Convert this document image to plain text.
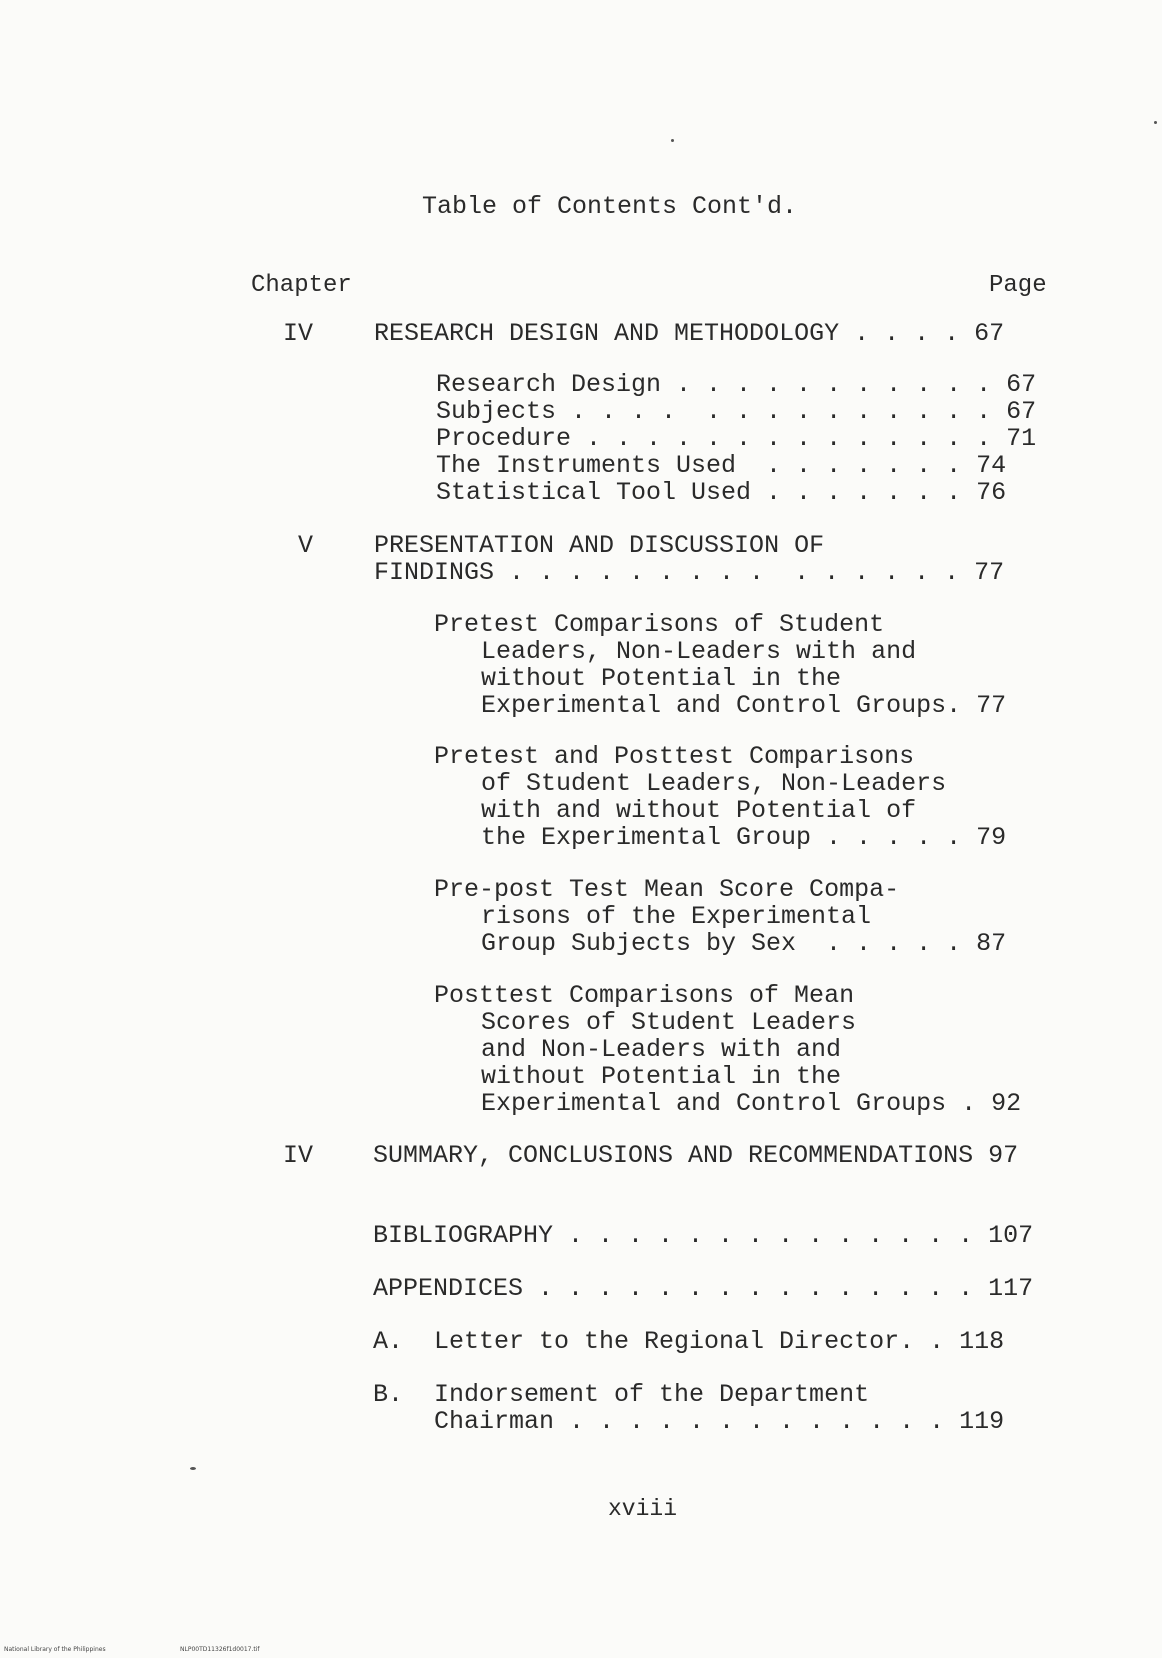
Table of Contents Cont'd.
Chapter	Page
IV RESEARCH DESIGN AND METHODOLOGY . . . . 67
Research Design . . . . . . . . . . . 67
Subjects . . . .  . . . . . . . . . . 67
Procedure . . . . . . . . . . . . . . 71
The Instruments Used  . . . . . . . 74
Statistical Tool Used . . . . . . . 76
V PRESENTATION AND DISCUSSION OF
FINDINGS . . . . . . . . .  . . . . . . 77
Pretest Comparisons of Student
Leaders, Non-Leaders with and
without Potential in the
Experimental and Control Groups. 77
Pretest and Posttest Comparisons
of Student Leaders, Non-Leaders
with and without Potential of
the Experimental Group . . . . . 79
Pre-post Test Mean Score Compa-
risons of the Experimental
Group Subjects by Sex  . . . . . 87
Posttest Comparisons of Mean
Scores of Student Leaders
and Non-Leaders with and
without Potential in the
Experimental and Control Groups . 92
IV SUMMARY, CONCLUSIONS AND RECOMMENDATIONS 97
BIBLIOGRAPHY . . . . . . . . . . . . . . 107
APPENDICES . . . . . . . . . . . . . . . 117
A. Letter to the Regional Director. . 118
B. Indorsement of the Department
Chairman . . . . . . . . . . . . . 119
xviii
National Library of the Philippines	NLP00TD11326f1d0017.tif
